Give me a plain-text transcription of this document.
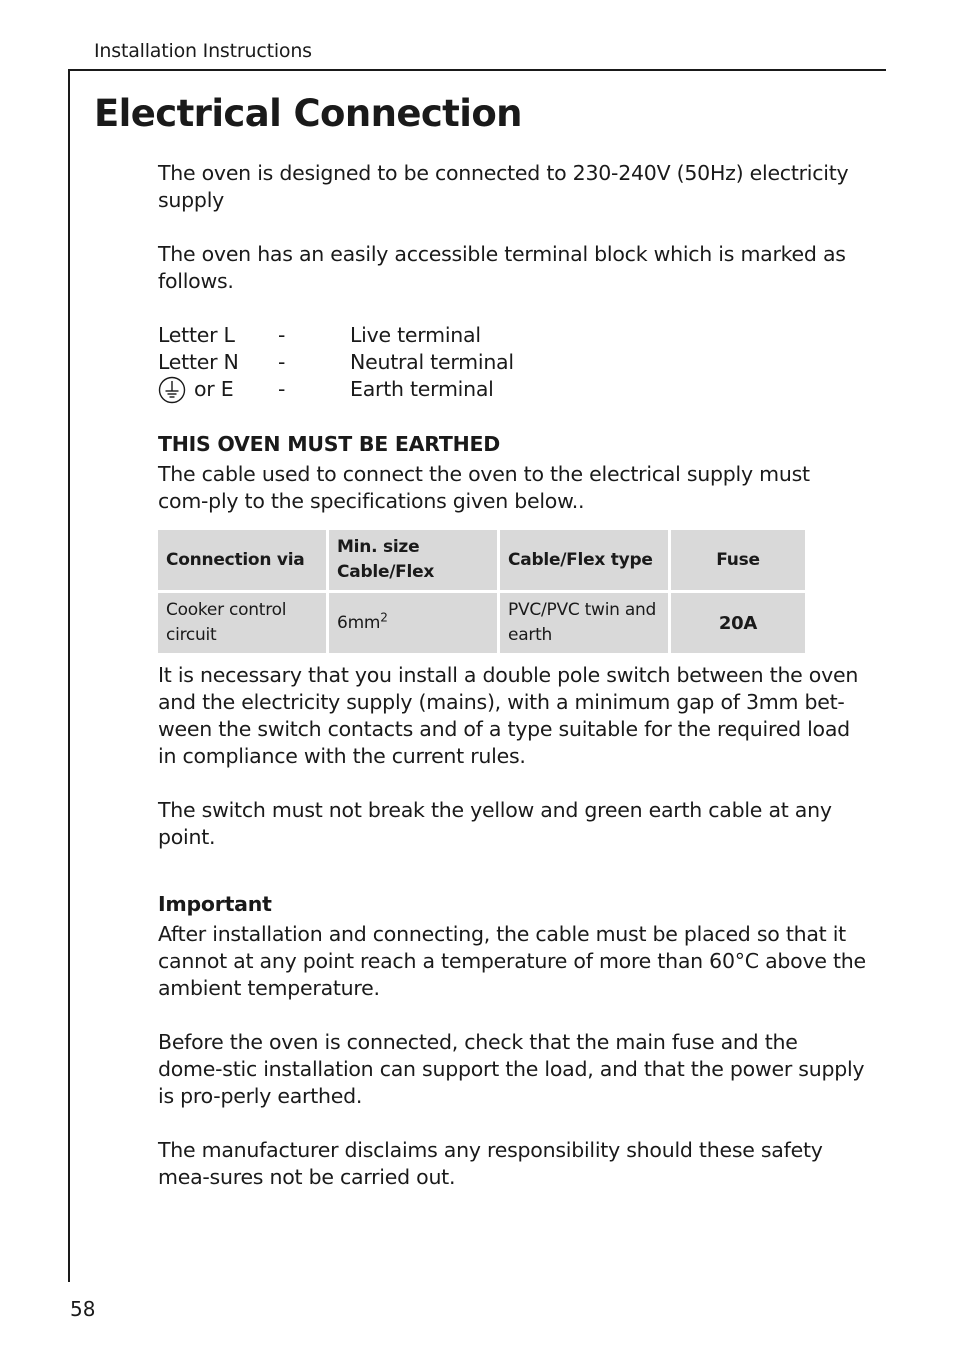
Installation Instructions
Electrical Connection

The oven is designed to be connected to 230-240V (50Hz) electricity supply

The oven has an easily accessible terminal block which is marked as follows.

Letter L	-	Live terminal
Letter N	-	Neutral terminal
or E -	Earth terminal

THIS OVEN MUST BE EARTHED

The cable used to connect the oven to the electrical supply must com-ply to the specifications given below..

Connection via	Min. size Cable/Flex	Cable/Flex type	Fuse
Cooker control circuit	$6mm^2$	PVC/PVC twin and earth	20A

It is necessary that you install a double pole switch between the oven and the electricity supply (mains), with a minimum gap of 3mm bet-ween the switch contacts and of a type suitable for the required load in compliance with the current rules.

The switch must not break the yellow and green earth cable at any point.

Important

After installation and connecting, the cable must be placed so that it cannot at any point reach a temperature of more than 60°C above the ambient temperature.

Before the oven is connected, check that the main fuse and the dome-stic installation can support the load, and that the power supply is pro-perly earthed.

The manufacturer disclaims any responsibility should these safety mea-sures not be carried out.

58
